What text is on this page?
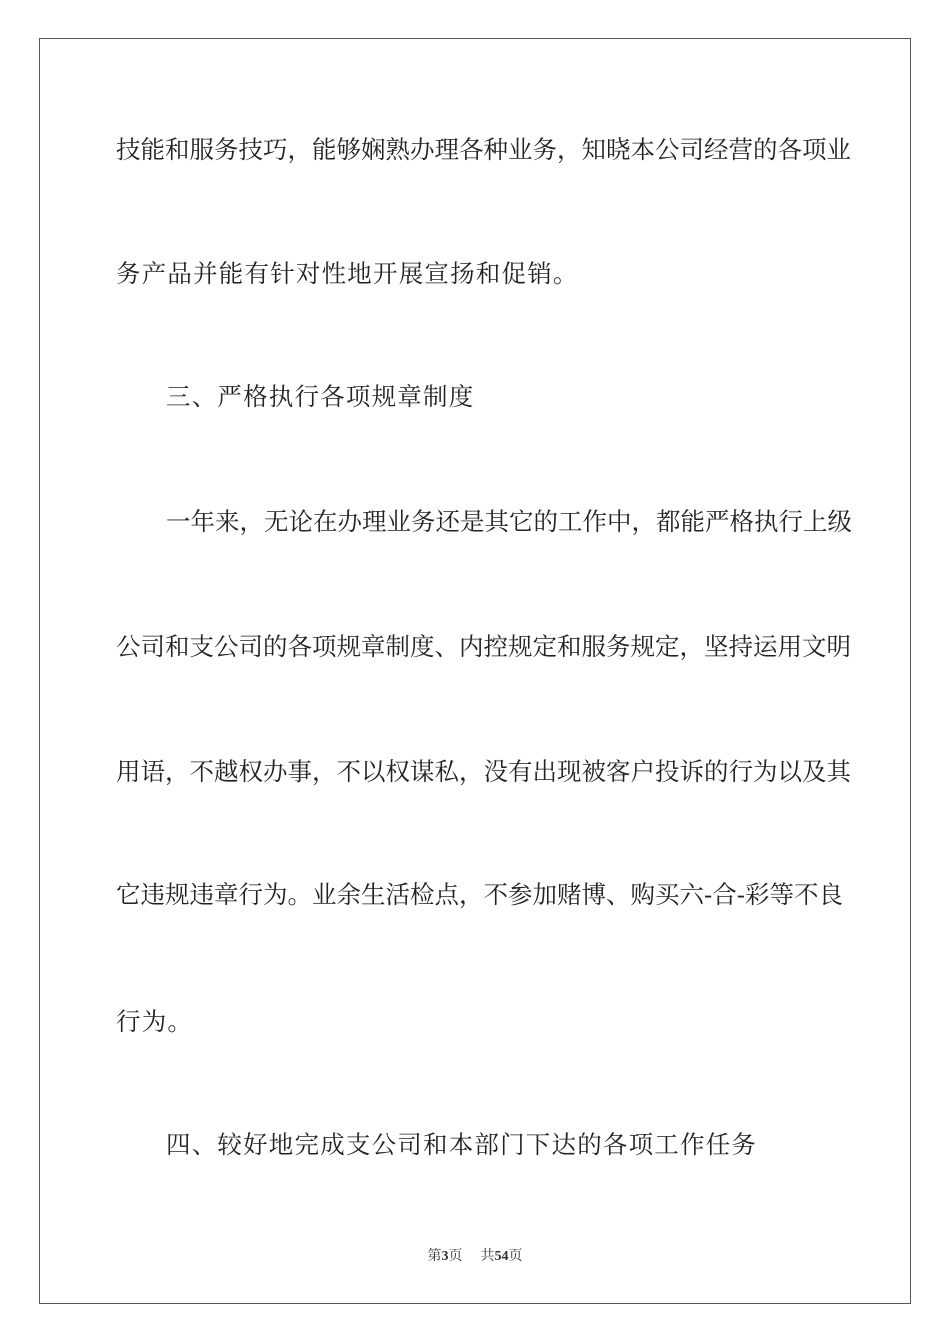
技能和服务技巧，能够娴熟办理各种业务，知晓本公司经营的各项业
务产品并能有针对性地开展宣扬和促销。
三、严格执行各项规章制度
一年来，无论在办理业务还是其它的工作中，都能严格执行上级
公司和支公司的各项规章制度、内控规定和服务规定，坚持运用文明
用语，不越权办事，不以权谋私，没有出现被客户投诉的行为以及其
它违规违章行为。业余生活检点，不参加赌博、购买六-合-彩等不良
行为。
四、较好地完成支公司和本部门下达的各项工作任务
第3页 共54页
